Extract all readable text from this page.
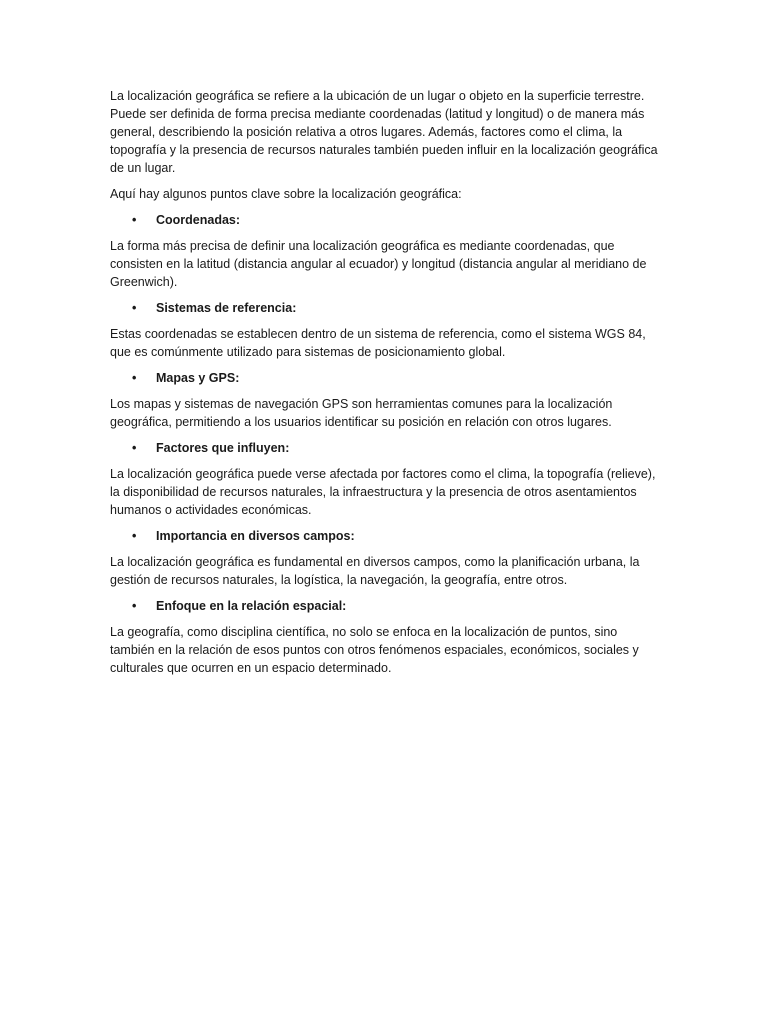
La localización geográfica se refiere a la ubicación de un lugar o objeto en la superficie terrestre. Puede ser definida de forma precisa mediante coordenadas (latitud y longitud) o de manera más general, describiendo la posición relativa a otros lugares. Además, factores como el clima, la topografía y la presencia de recursos naturales también pueden influir en la localización geográfica de un lugar.

Aquí hay algunos puntos clave sobre la localización geográfica:

•	Coordenadas:

La forma más precisa de definir una localización geográfica es mediante coordenadas, que consisten en la latitud (distancia angular al ecuador) y longitud (distancia angular al meridiano de Greenwich).

•	Sistemas de referencia:

Estas coordenadas se establecen dentro de un sistema de referencia, como el sistema WGS 84, que es comúnmente utilizado para sistemas de posicionamiento global.

•	Mapas y GPS:

Los mapas y sistemas de navegación GPS son herramientas comunes para la localización geográfica, permitiendo a los usuarios identificar su posición en relación con otros lugares.

•	Factores que influyen:

La localización geográfica puede verse afectada por factores como el clima, la topografía (relieve), la disponibilidad de recursos naturales, la infraestructura y la presencia de otros asentamientos humanos o actividades económicas.

•	Importancia en diversos campos:

La localización geográfica es fundamental en diversos campos, como la planificación urbana, la gestión de recursos naturales, la logística, la navegación, la geografía, entre otros.

•	Enfoque en la relación espacial:

La geografía, como disciplina científica, no solo se enfoca en la localización de puntos, sino también en la relación de esos puntos con otros fenómenos espaciales, económicos, sociales y culturales que ocurren en un espacio determinado.
